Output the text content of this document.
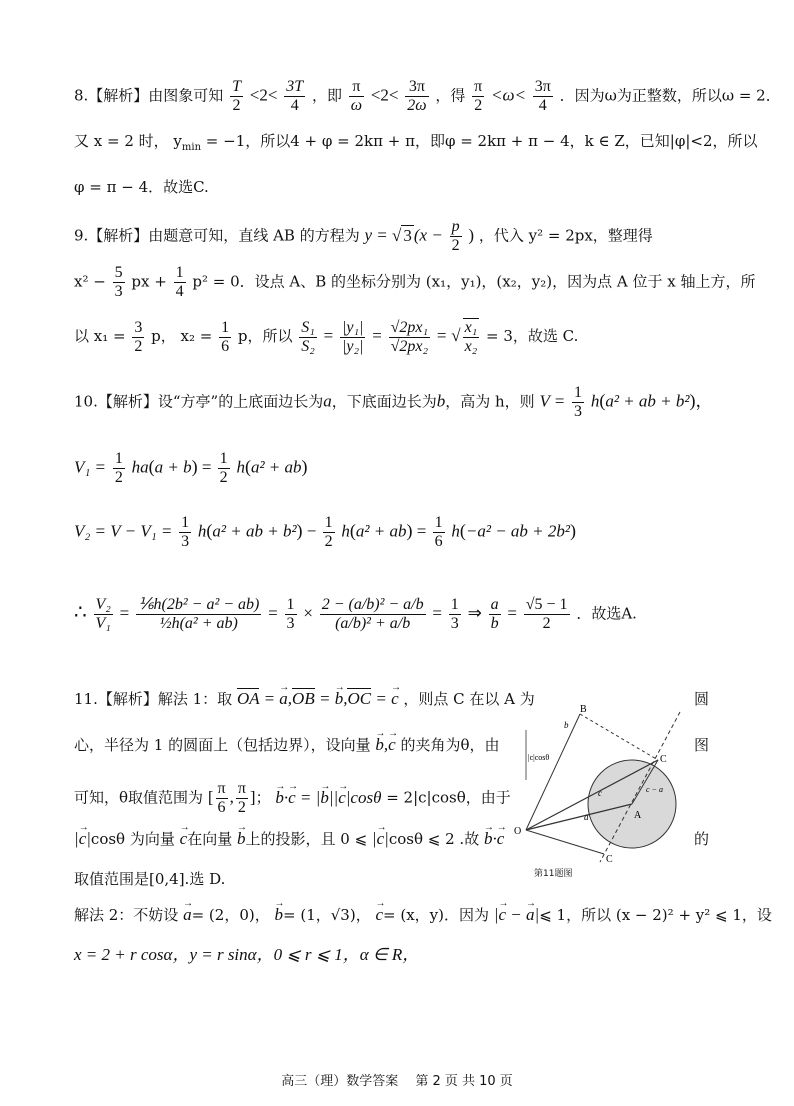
8.【解析】由图象可知 $\frac{T}{2} <2< \frac{3T}{4}$ ，即 $\frac{\pi}{\omega} <2< \frac{3\pi}{2\omega}$ ，得 $\frac{\pi}{2} <\omega< \frac{3\pi}{4}$ ．因为ω为正整数，所以ω = 2．
又 x = 2 时， $y_{min} = -1$，所以4 + φ = 2kπ + π，即φ = 2kπ + π − 4，k ∈ Z，已知|φ|<2，所以
φ = π − 4．故选C.
9.【解析】由题意可知，直线 AB 的方程为 y = √ 3 ($x - \frac{p}{2}$ ) ，代入 y² = 2px，整理得
$x^2 - \frac{5}{3}$ px + $\frac{1}{4} p^2 = 0$．设点 A、B 的坐标分别为 (x₁，y₁)，(x₂，y₂)，因为点 A 位于 x 轴上方，所
以 $x_1 = \frac{3}{2}$ p， $x_2 = \frac{1}{6}$ p，所以 $\frac{\text{S₁}}{\text{S₂}} = \frac{\text{|y₁|}}{\text{|y₂|}} = \frac{\text{√2px₁}}{\text{√2px₂}}$ = √ $\frac{\text{x₁}}{\text{x₂}} = 3$，故选 C.
10.【解析】设“方亭”的上底面边长为a，下底面边长为b，高为 h，则 $V = \frac{1}{3} h(a^2$ + ab + b²)，
$V_1 = \frac{1}{2} ha(a + b) = \frac{1}{2} h(a^2 + ab)$
$V_2 = V - V_1 = \frac{1}{3} h(a^2$ + ab + $b^2) - \frac{1}{2} h(a^2 + ab) = \frac{1}{6} h(-a^2$ − ab + 2b²)
∴ $\frac{\text{V₂}}{\text{V₁}} = \frac{\text{⅙h(2b² − a² − ab)}}{\text{½h(a² + ab)}} = \frac{1}{3} \times \frac{\text{2 − (a/b)² − a/b}}{\text{(a/b)² + a/b}} = \frac{1}{3}$ ⇒ $\frac{a}{b} = \frac{√5 - 1}{2}$ ．故选A.
11.【解析】解法 1：取 OA = → a,OB = → b,OC = → c ，则点 C 在以 A 为	圆
心，半径为 1 的圆面上（包括边界），设向量 → b,→ c 的夹角为θ，由	图
可知，θ取值范围为 [ $\frac{\pi}{6}$ , $\frac{\pi}{2}$ ]； → b·→ c = |→ b||→ c|cosθ = 2|c|cosθ，由于
|→ c|cosθ 为向量 → c在向量 → b上的投影，且 0 ⩽ |→ c|cosθ ⩽ 2 .故 → b·→ c	的
取值范围是[0,4].选 D.
解法 2：不妨设 → a= (2，0)， → b= (1，√3)， → c= (x，y)．因为 |→ c − → a|⩽ 1，所以 (x − 2)² + y² ⩽ 1，设
x = 2 + r cosα，y = r sinα，0 ⩽ r ⩽ 1，α ∈ R，
B
b
C
O
A
C
c
a
c − a
|c|cosθ
第11题图
高三（理）数学答案　 第 2 页 共 10 页
